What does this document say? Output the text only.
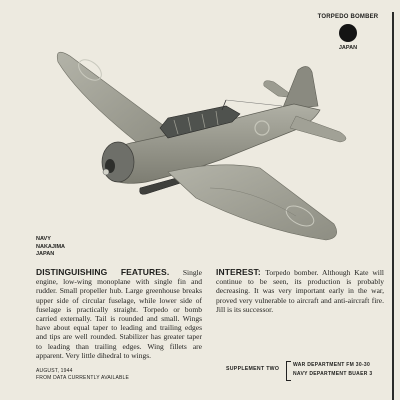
TORPEDO BOMBER
JAPAN
NAVY
NAKAJIMA
JAPAN
DISTINGUISHING FEATURES. Single engine, low-wing monoplane with single fin and rudder. Small propeller hub. Large greenhouse breaks upper side of circular fuselage, while lower side of fuselage is practically straight. Torpedo or bomb carried externally. Tail is rounded and small. Wings have about equal taper to leading and trailing edges and tips are well rounded. Stabilizer has greater taper to leading than trailing edges. Wing fillets are apparent. Very little dihedral to wings.
INTEREST: Torpedo bomber. Although Kate will continue to be seen, its production is probably decreasing. It was very important early in the war, proved very vulnerable to aircraft and anti-aircraft fire. Jill is its successor.
AUGUST, 1944
FROM DATA CURRENTLY AVAILABLE
SUPPLEMENT TWO
WAR DEPARTMENT FM 30-30
NAVY DEPARTMENT BUAER 3
